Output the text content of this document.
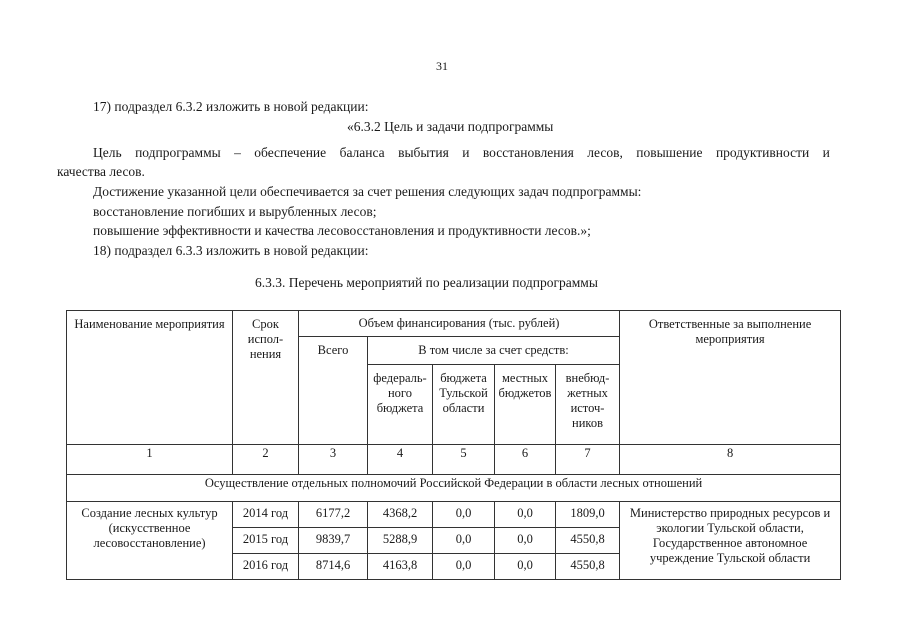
31
17) подраздел 6.3.2 изложить в новой редакции:
«6.3.2 Цель и задачи подпрограммы
Цель подпрограммы – обеспечение баланса выбытия и восстановления лесов, повышение продуктивности и
качества лесов.
Достижение указанной цели обеспечивается за счет решения следующих задач подпрограммы:
восстановление погибших и вырубленных лесов;
повышение эффективности и качества лесовосстановления и продуктивности лесов.»;
18) подраздел 6.3.3 изложить в новой редакции:
6.3.3. Перечень мероприятий по реализации подпрограммы
Наименование мероприятия	Срок испол-нения	Объем финансирования (тыс. рублей)					Ответственные за выполнение мероприятия
		Всего	В том числе за счет средств:				
			федераль-ного бюджета	бюджета Тульской области	местных бюджетов	внебюд-жетных источ-ников	
1	2	3	4	5	6	7	8
Осуществление отдельных полномочий Российской Федерации в области лесных отношений							
Создание лесных культур (искусственное лесовосстановление)	2014 год	6177,2	4368,2	0,0	0,0	1809,0	Министерство природных ресурсов и экологии Тульской области, Государственное автономное учреждение Тульской области
	2015 год	9839,7	5288,9	0,0	0,0	4550,8	
	2016 год	8714,6	4163,8	0,0	0,0	4550,8	
